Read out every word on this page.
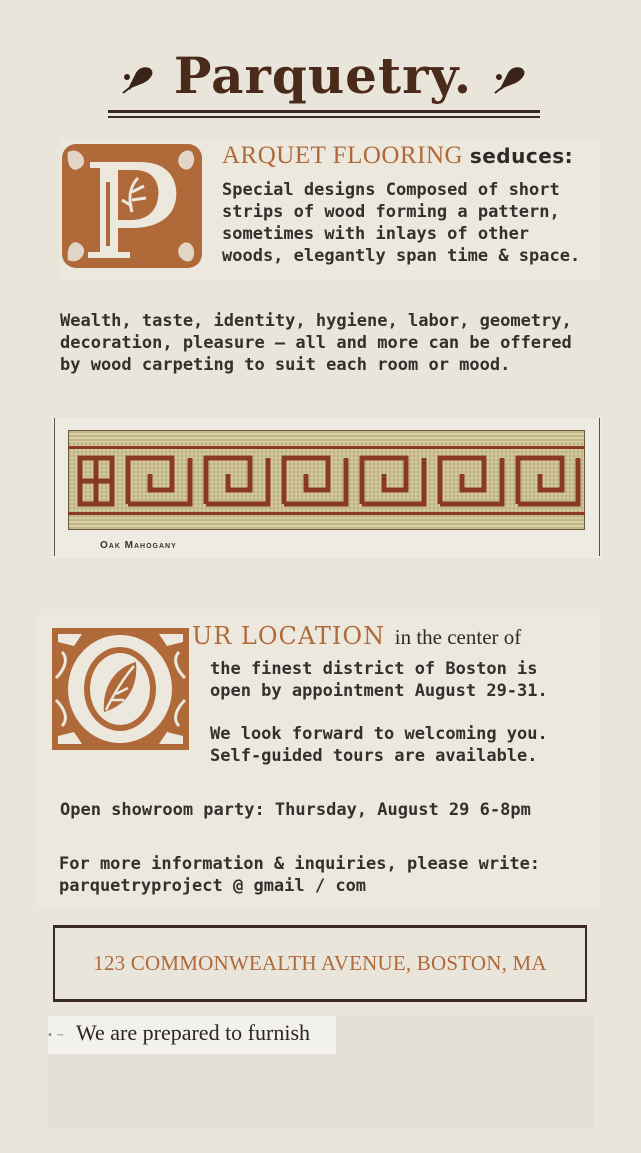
Parquetry.
ARQUET FLOORING seduces:
Special designs Composed of short
strips of wood forming a pattern,
sometimes with inlays of other
woods, elegantly span time & space.
Wealth, taste, identity, hygiene, labor, geometry,
decoration, pleasure — all and more can be offered
by wood carpeting to suit each room or mood.
Oak Mahogany
UR LOCATION in the center of
the finest district of Boston is
open by appointment August 29-31.
We look forward to welcoming you.
Self-guided tours are available.
Open showroom party: Thursday, August 29 6-8pm
For more information & inquiries, please write:
parquetryproject @ gmail / com
123 COMMONWEALTH AVENUE, BOSTON, MA
• ~ We are prepared to furnish
